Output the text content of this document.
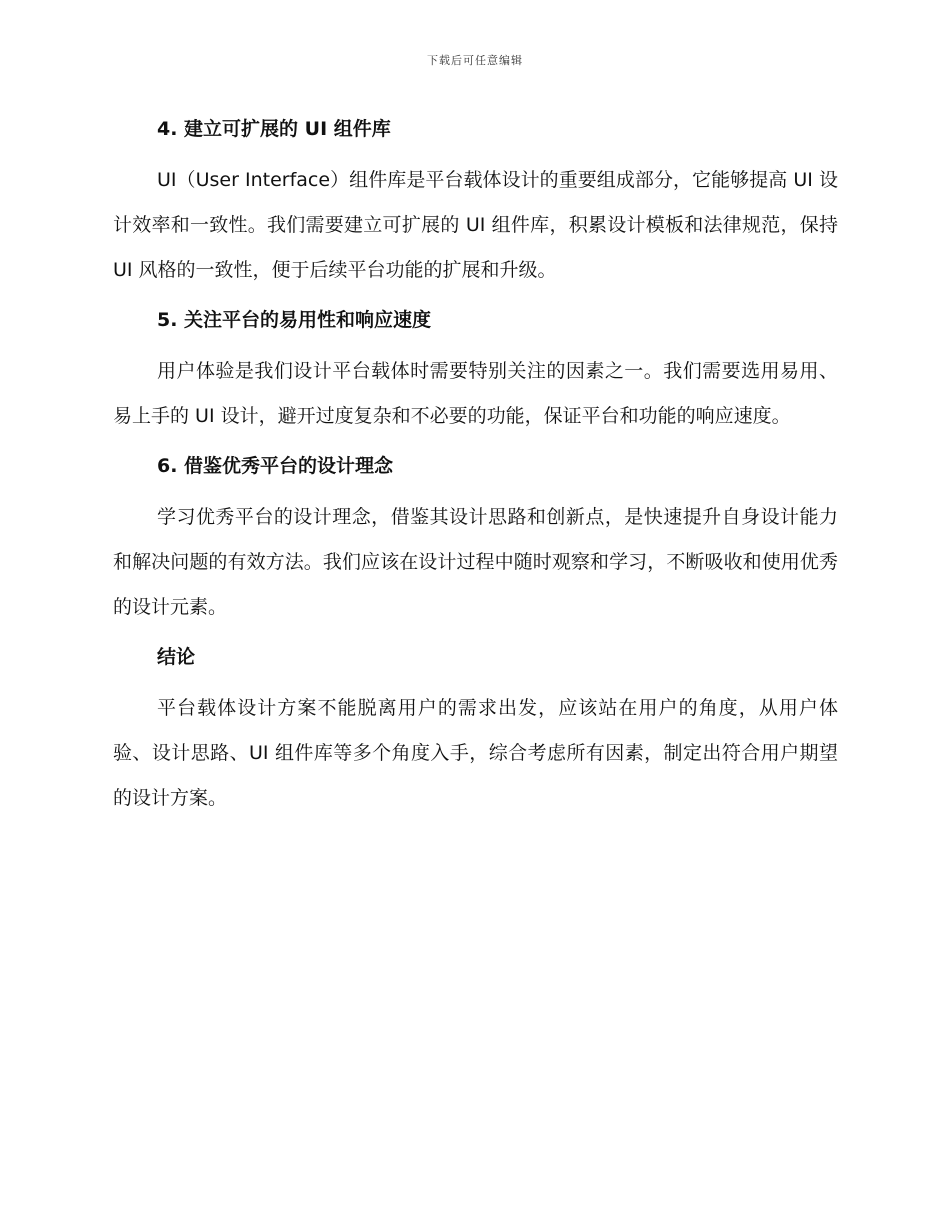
下载后可任意编辑
4. 建立可扩展的 UI 组件库

UI（User Interface）组件库是平台载体设计的重要组成部分，它能够提高 UI 设计效率和一致性。我们需要建立可扩展的 UI 组件库，积累设计模板和法律规范，保持 UI 风格的一致性，便于后续平台功能的扩展和升级。

5. 关注平台的易用性和响应速度

用户体验是我们设计平台载体时需要特别关注的因素之一。我们需要选用易用、易上手的 UI 设计，避开过度复杂和不必要的功能，保证平台和功能的响应速度。

6. 借鉴优秀平台的设计理念

学习优秀平台的设计理念，借鉴其设计思路和创新点，是快速提升自身设计能力和解决问题的有效方法。我们应该在设计过程中随时观察和学习，不断吸收和使用优秀的设计元素。

结论

平台载体设计方案不能脱离用户的需求出发，应该站在用户的角度，从用户体验、设计思路、UI 组件库等多个角度入手，综合考虑所有因素，制定出符合用户期望的设计方案。
